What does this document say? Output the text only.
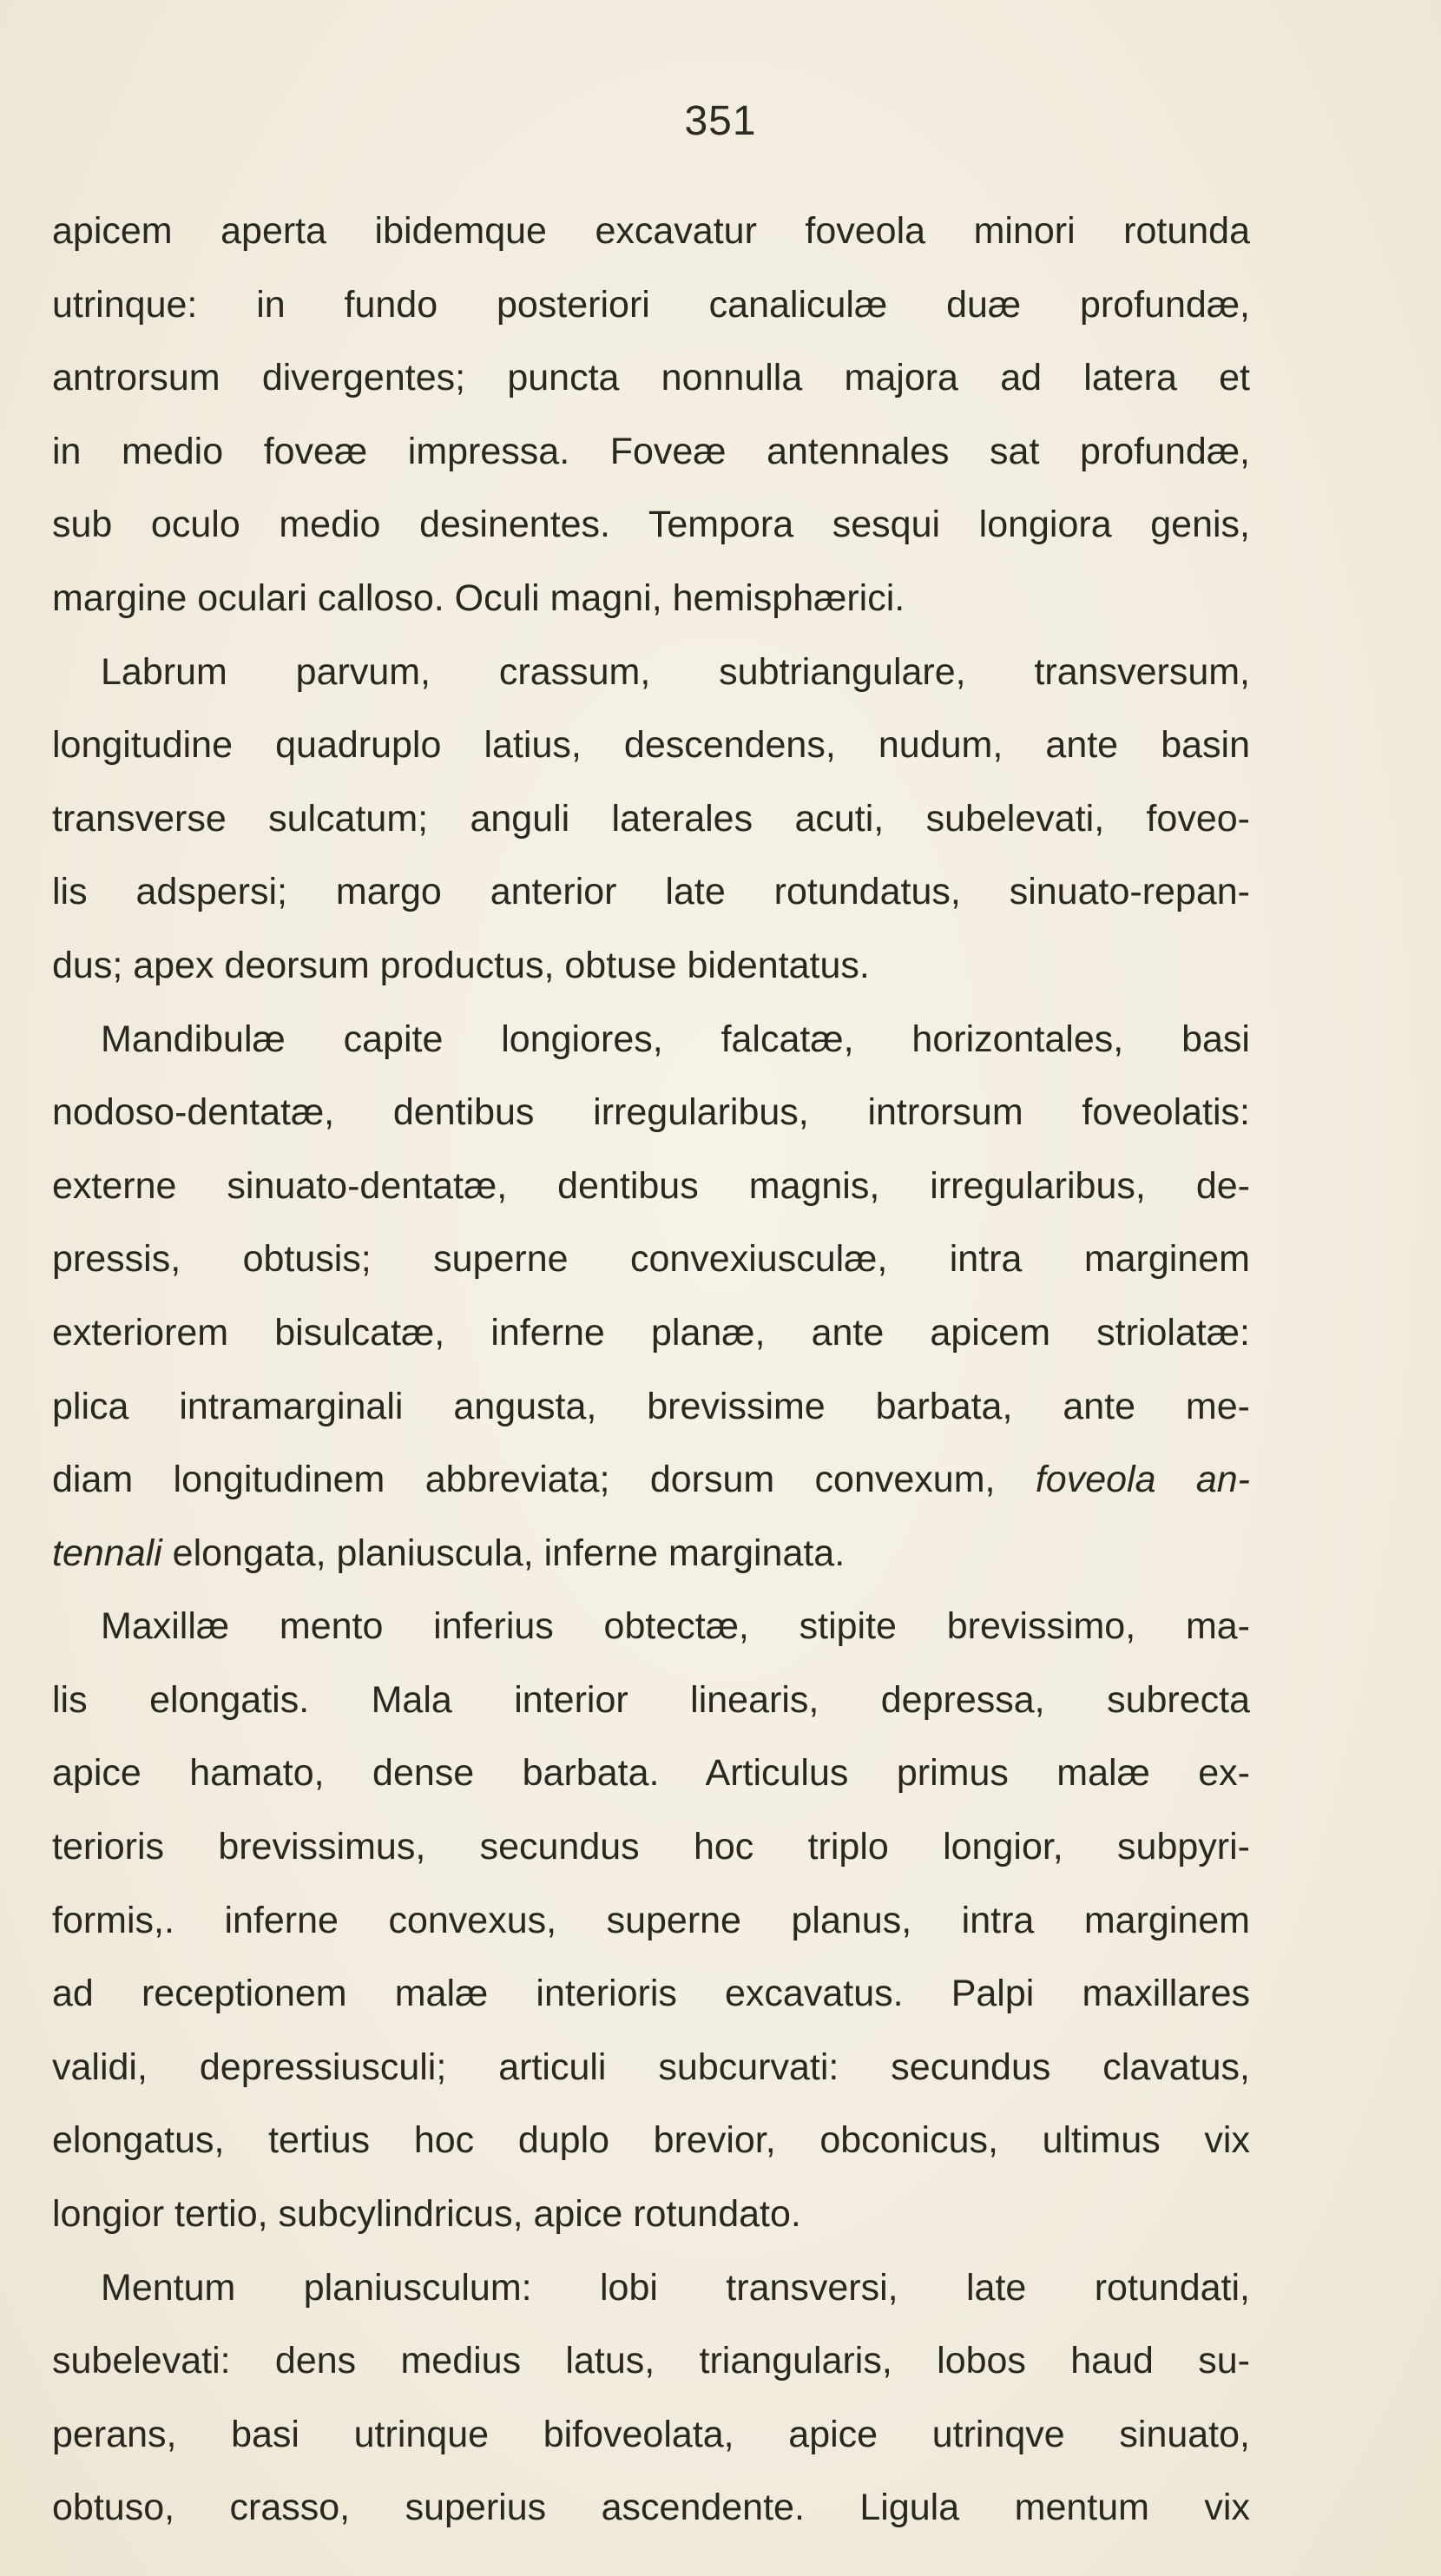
351
apicem aperta ibidemque excavatur foveola minori rotunda
utrinque: in fundo posteriori canaliculæ duæ profundæ,
antrorsum divergentes; puncta nonnulla majora ad latera et
in medio foveæ impressa. Foveæ antennales sat profundæ,
sub oculo medio desinentes. Tempora sesqui longiora genis,
margine oculari calloso. Oculi magni, hemisphærici.
Labrum parvum, crassum, subtriangulare, transversum,
longitudine quadruplo latius, descendens, nudum, ante basin
transverse sulcatum; anguli laterales acuti, subelevati, foveo-
lis adspersi; margo anterior late rotundatus, sinuato-repan-
dus; apex deorsum productus, obtuse bidentatus.
Mandibulæ capite longiores, falcatæ, horizontales, basi
nodoso-dentatæ, dentibus irregularibus, introrsum foveolatis:
externe sinuato-dentatæ, dentibus magnis, irregularibus, de-
pressis, obtusis; superne convexiusculæ, intra marginem
exteriorem bisulcatæ, inferne planæ, ante apicem striolatæ:
plica intramarginali angusta, brevissime barbata, ante me-
diam longitudinem abbreviata; dorsum convexum, foveola an-
tennali elongata, planiuscula, inferne marginata.
Maxillæ mento inferius obtectæ, stipite brevissimo, ma-
lis elongatis. Mala interior linearis, depressa, subrecta
apice hamato, dense barbata. Articulus primus malæ ex-
terioris brevissimus, secundus hoc triplo longior, subpyri-
formis,. inferne convexus, superne planus, intra marginem
ad receptionem malæ interioris excavatus. Palpi maxillares
validi, depressiusculi; articuli subcurvati: secundus clavatus,
elongatus, tertius hoc duplo brevior, obconicus, ultimus vix
longior tertio, subcylindricus, apice rotundato.
Mentum planiusculum: lobi transversi, late rotundati,
subelevati: dens medius latus, triangularis, lobos haud su-
perans, basi utrinque bifoveolata, apice utrinqve sinuato,
obtuso, crasso, superius ascendente. Ligula mentum vix
